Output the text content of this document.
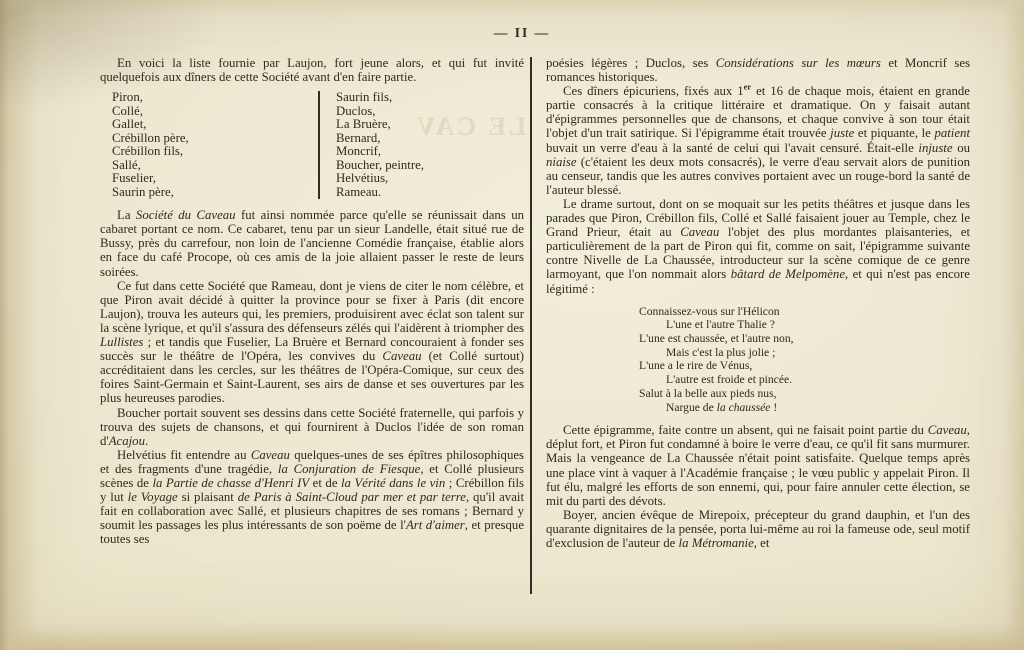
— II —
LE CAV

En voici la liste fournie par Laujon, fort jeune alors, et qui fut invité quelquefois aux dîners de cette Société avant d'en faire partie.

Piron,
Collé,
Gallet,
Crébillon père,
Crébillon fils,
Sallé,
Fuselier,
Saurin père,
Saurin fils,
Duclos,
La Bruère,
Bernard,
Moncrif,
Boucher, peintre,
Helvétius,
Rameau.

La Société du Caveau fut ainsi nommée parce qu'elle se réunissait dans un cabaret portant ce nom. Ce cabaret, tenu par un sieur Landelle, était situé rue de Bussy, près du carrefour, non loin de l'ancienne Comédie française, établie alors en face du café Procope, où ces amis de la joie allaient passer le reste de leurs soirées.

Ce fut dans cette Société que Rameau, dont je viens de citer le nom célèbre, et que Piron avait décidé à quitter la province pour se fixer à Paris (dit encore Laujon), trouva les auteurs qui, les premiers, produisirent avec éclat son talent sur la scène lyrique, et qu'il s'assura des défenseurs zélés qui l'aidèrent à triompher des Lullistes ; et tandis que Fuselier, La Bruère et Bernard concouraient à fonder ses succès sur le théâtre de l'Opéra, les convives du Caveau (et Collé surtout) accréditaient dans les cercles, sur les théâtres de l'Opéra-Comique, sur ceux des foires Saint-Germain et Saint-Laurent, ses airs de danse et ses ouvertures par les plus heureuses parodies.

Boucher portait souvent ses dessins dans cette Société fraternelle, qui parfois y trouva des sujets de chansons, et qui fournirent à Duclos l'idée de son roman d'Acajou.

Helvétius fit entendre au Caveau quelques-unes de ses épîtres philosophiques et des fragments d'une tragédie, la Conjuration de Fiesque, et Collé plusieurs scènes de la Partie de chasse d'Henri IV et de la Vérité dans le vin ; Crébillon fils y lut le Voyage si plaisant de Paris à Saint-Cloud par mer et par terre, qu'il avait fait en collaboration avec Sallé, et plusieurs chapitres de ses romans ; Bernard y soumit les passages les plus intéressants de son poëme de l'Art d'aimer, et presque toutes ses

poésies légères ; Duclos, ses Considérations sur les mœurs et Moncrif ses romances historiques.

Ces dîners épicuriens, fixés aux 1er et 16 de chaque mois, étaient en grande partie consacrés à la critique littéraire et dramatique. On y faisait autant d'épigrammes personnelles que de chansons, et chaque convive à son tour était l'objet d'un trait satirique. Si l'épigramme était trouvée juste et piquante, le patient buvait un verre d'eau à la santé de celui qui l'avait censuré. Était-elle injuste ou niaise (c'étaient les deux mots consacrés), le verre d'eau servait alors de punition au censeur, tandis que les autres convives portaient avec un rouge-bord la santé de l'auteur blessé.

Le drame surtout, dont on se moquait sur les petits théâtres et jusque dans les parades que Piron, Crébillon fils, Collé et Sallé faisaient jouer au Temple, chez le Grand Prieur, était au Caveau l'objet des plus mordantes plaisanteries, et particulièrement de la part de Piron qui fit, comme on sait, l'épigramme suivante contre Nivelle de La Chaussée, introducteur sur la scène comique de ce genre larmoyant, que l'on nommait alors bâtard de Melpomène, et qui n'est pas encore légitimé :

Connaissez-vous sur l'Hélicon
L'une et l'autre Thalie ?
L'une est chaussée, et l'autre non,
Mais c'est la plus jolie ;
L'une a le rire de Vénus,
L'autre est froide et pincée.
Salut à la belle aux pieds nus,
Nargue de la chaussée !

Cette épigramme, faite contre un absent, qui ne faisait point partie du Caveau, déplut fort, et Piron fut condamné à boire le verre d'eau, ce qu'il fit sans murmurer. Mais la vengeance de La Chaussée n'était point satisfaite. Quelque temps après une place vint à vaquer à l'Académie française ; le vœu public y appelait Piron. Il fut élu, malgré les efforts de son ennemi, qui, pour faire annuler cette élection, se mit du parti des dévots.

Boyer, ancien évêque de Mirepoix, précepteur du grand dauphin, et l'un des quarante dignitaires de la pensée, porta lui-même au roi la fameuse ode, seul motif d'exclusion de l'auteur de la Métromanie, et
